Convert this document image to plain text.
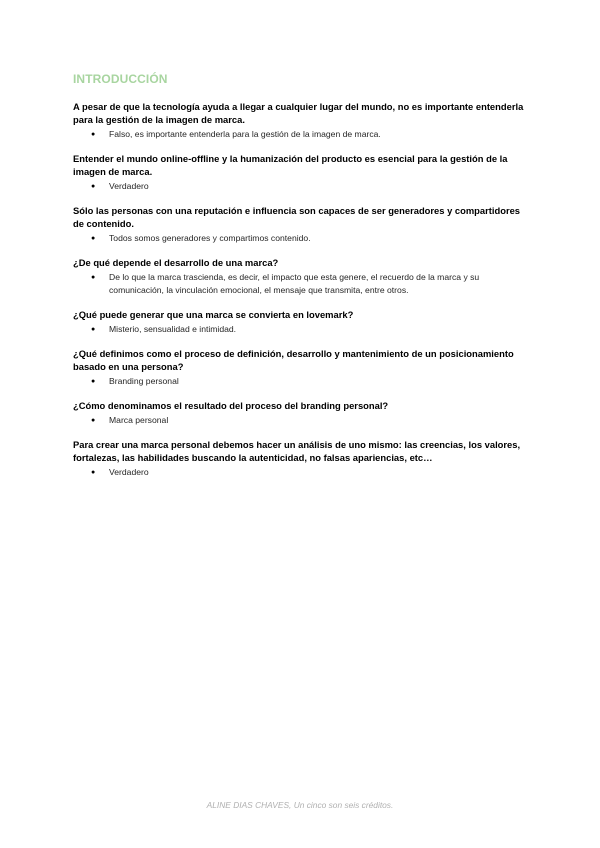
INTRODUCCIÓN

A pesar de que la tecnología ayuda a llegar a cualquier lugar del mundo, no es importante entenderla para la gestión de la imagen de marca.

● Falso, es importante entenderla para la gestión de la imagen de marca.

Entender el mundo online-offline y la humanización del producto es esencial para la gestión de la imagen de marca.

● Verdadero

Sólo las personas con una reputación e influencia son capaces de ser generadores y compartidores de contenido.

● Todos somos generadores y compartimos contenido.

¿De qué depende el desarrollo de una marca?

● De lo que la marca trasciendа, es decir, el impacto que esta genere, el recuerdo de la marca y su comunicación, la vinculación emocional, el mensaje que transmita, entre otros.

¿Qué puede generar que una marca se convierta en lovemark?

● Misterio, sensualidad e intimidad.

¿Qué definimos como el proceso de definición, desarrollo y mantenimiento de un posicionamiento basado en una persona?

● Branding personal

¿Cómo denominamos el resultado del proceso del branding personal?

● Marca personal

Para crear una marca personal debemos hacer un análisis de uno mismo: las creencias, los valores, fortalezas, las habilidades buscando la autenticidad, no falsas apariencias, etc…

● Verdadero
ALINE DIAS CHAVES, Un cinco son seis créditos.
